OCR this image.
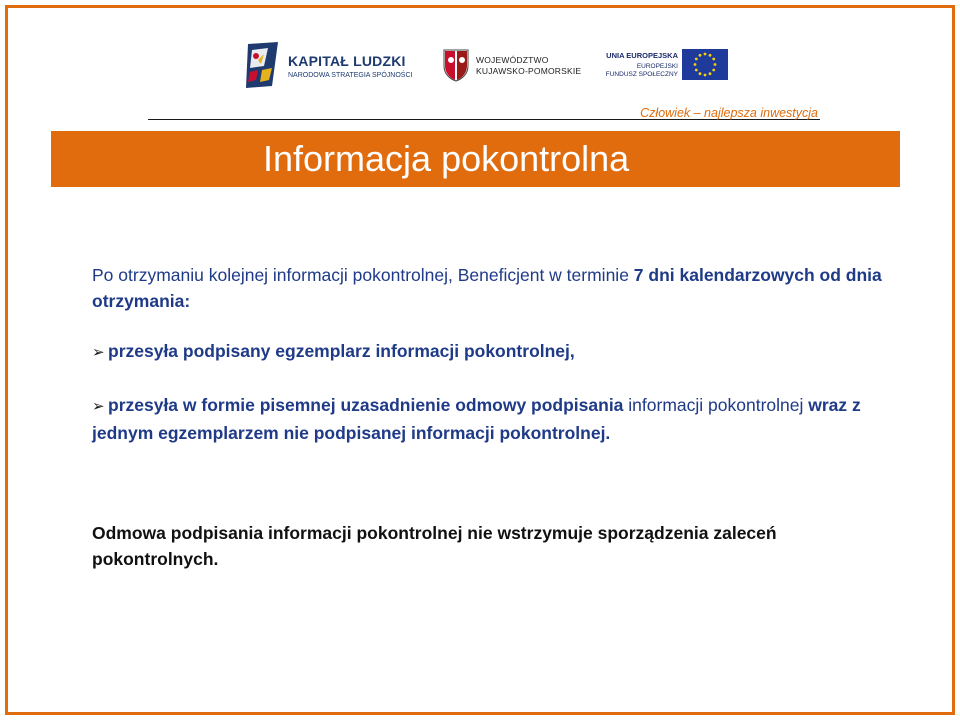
KAPITAŁ LUDZKI
NARODOWA STRATEGIA SPÓJNOŚCI
WOJEWÓDZTWO
KUJAWSKO-POMORSKIE
UNIA EUROPEJSKA
EUROPEJSKI
FUNDUSZ SPOŁECZNY
Człowiek – najlepsza inwestycja
Informacja pokontrolna

Po otrzymaniu kolejnej informacji pokontrolnej, Beneficjent w terminie 7 dni kalendarzowych od dnia otrzymania:

➢ przesyła podpisany egzemplarz informacji pokontrolnej,

➢ przesyła w formie pisemnej uzasadnienie odmowy podpisania informacji pokontrolnej wraz z jednym egzemplarzem nie podpisanej informacji pokontrolnej.

Odmowa podpisania informacji pokontrolnej nie wstrzymuje sporządzenia zaleceń pokontrolnych.
